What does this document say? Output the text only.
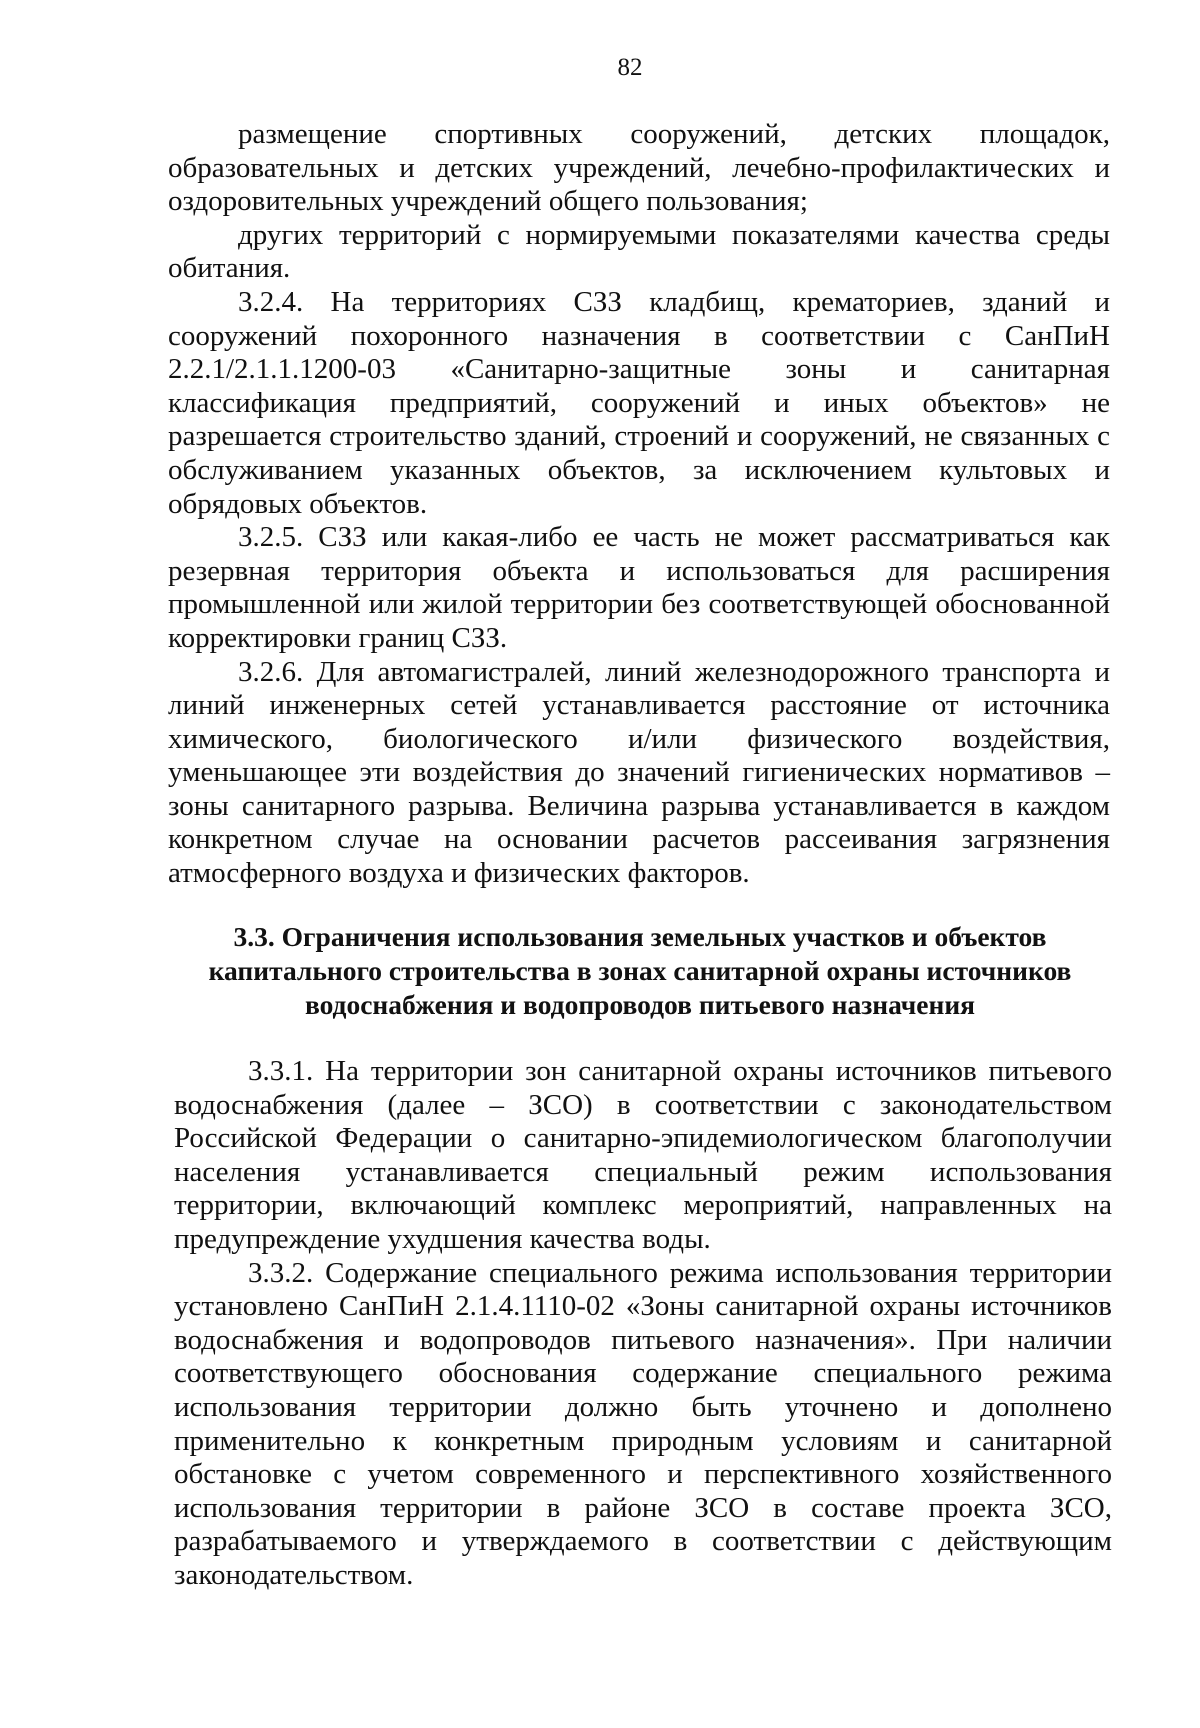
82

размещение спортивных сооружений, детских площадок, образовательных и детских учреждений, лечебно-профилактических и оздоровительных учреждений общего пользования;

других территорий с нормируемыми показателями качества среды обитания.

3.2.4. На территориях СЗЗ кладбищ, крематориев, зданий и сооружений похоронного назначения в соответствии с СанПиН 2.2.1/2.1.1.1200-03 «Санитарно-защитные зоны и санитарная классификация предприятий, сооружений и иных объектов» не разрешается строительство зданий, строений и сооружений, не связанных с обслуживанием указанных объектов, за исключением культовых и обрядовых объектов.

3.2.5. СЗЗ или какая-либо ее часть не может рассматриваться как резервная территория объекта и использоваться для расширения промышленной или жилой территории без соответствующей обоснованной корректировки границ СЗЗ.

3.2.6. Для автомагистралей, линий железнодорожного транспорта и линий инженерных сетей устанавливается расстояние от источника химического, биологического и/или физического воздействия, уменьшающее эти воздействия до значений гигиенических нормативов – зоны санитарного разрыва. Величина разрыва устанавливается в каждом конкретном случае на основании расчетов рассеивания загрязнения атмосферного воздуха и физических факторов.

3.3. Ограничения использования земельных участков и объектов капитального строительства в зонах санитарной охраны источников водоснабжения и водопроводов питьевого назначения

3.3.1. На территории зон санитарной охраны источников питьевого водоснабжения (далее – ЗСО) в соответствии с законодательством Российской Федерации о санитарно-эпидемиологическом благополучии населения устанавливается специальный режим использования территории, включающий комплекс мероприятий, направленных на предупреждение ухудшения качества воды.

3.3.2. Содержание специального режима использования территории установлено СанПиН 2.1.4.1110-02 «Зоны санитарной охраны источников водоснабжения и водопроводов питьевого назначения». При наличии соответствующего обоснования содержание специального режима использования территории должно быть уточнено и дополнено применительно к конкретным природным условиям и санитарной обстановке с учетом современного и перспективного хозяйственного использования территории в районе ЗСО в составе проекта ЗСО, разрабатываемого и утверждаемого в соответствии с действующим законодательством.
